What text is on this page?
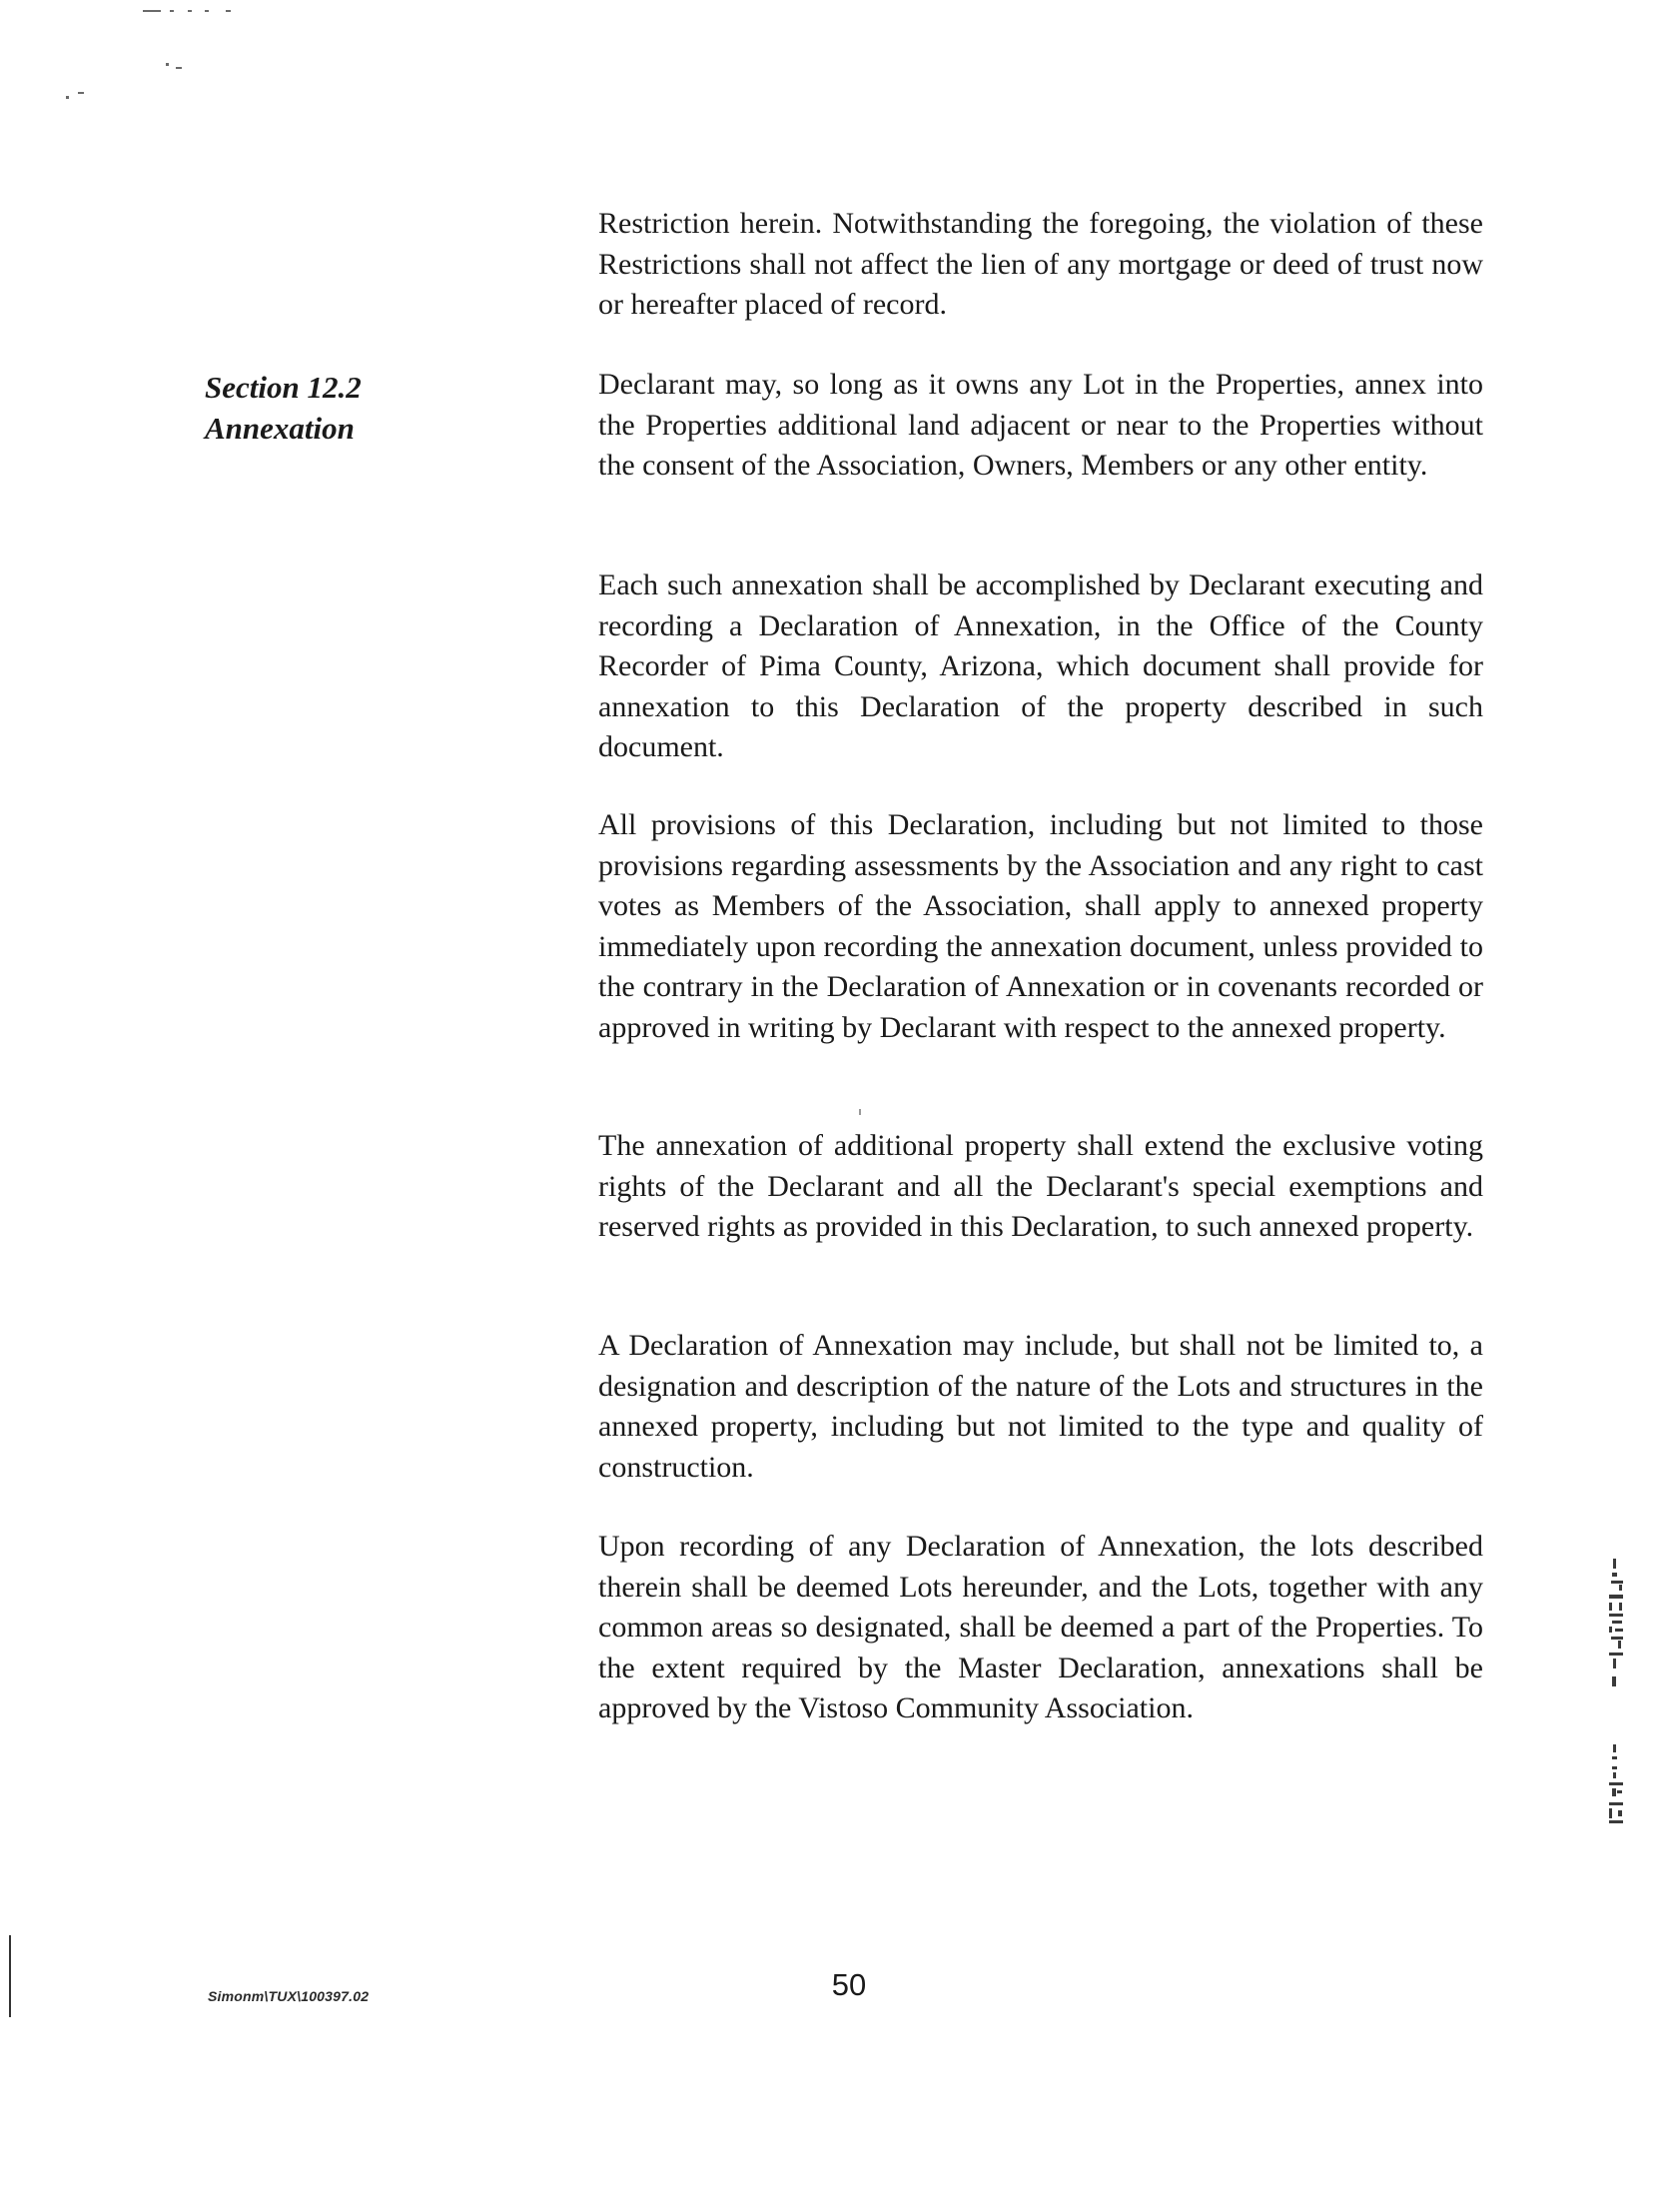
Section 12.2
Annexation

Restriction herein. Notwithstanding the foregoing, the violation of these Restrictions shall not affect the lien of any mortgage or deed of trust now or hereafter placed of record.

Declarant may, so long as it owns any Lot in the Properties, annex into the Properties additional land adjacent or near to the Properties without the consent of the Association, Owners, Members or any other entity.

Each such annexation shall be accomplished by Declarant executing and recording a Declaration of Annexation, in the Office of the County Recorder of Pima County, Arizona, which document shall provide for annexation to this Declaration of the property described in such document.

All provisions of this Declaration, including but not limited to those provisions regarding assessments by the Association and any right to cast votes as Members of the Association, shall apply to annexed property immediately upon recording the annexation document, unless provided to the contrary in the Declaration of Annexation or in covenants recorded or approved in writing by Declarant with respect to the annexed property.

The annexation of additional property shall extend the exclusive voting rights of the Declarant and all the Declarant's special exemptions and reserved rights as provided in this Declaration, to such annexed property.

A Declaration of Annexation may include, but shall not be limited to, a designation and description of the nature of the Lots and structures in the annexed property, including but not limited to the type and quality of construction.

Upon recording of any Declaration of Annexation, the lots described therein shall be deemed Lots hereunder, and the Lots, together with any common areas so designated, shall be deemed a part of the Properties. To the extent required by the Master Declaration, annexations shall be approved by the Vistoso Community Association.

Simonm\TUX\100397.02	50
